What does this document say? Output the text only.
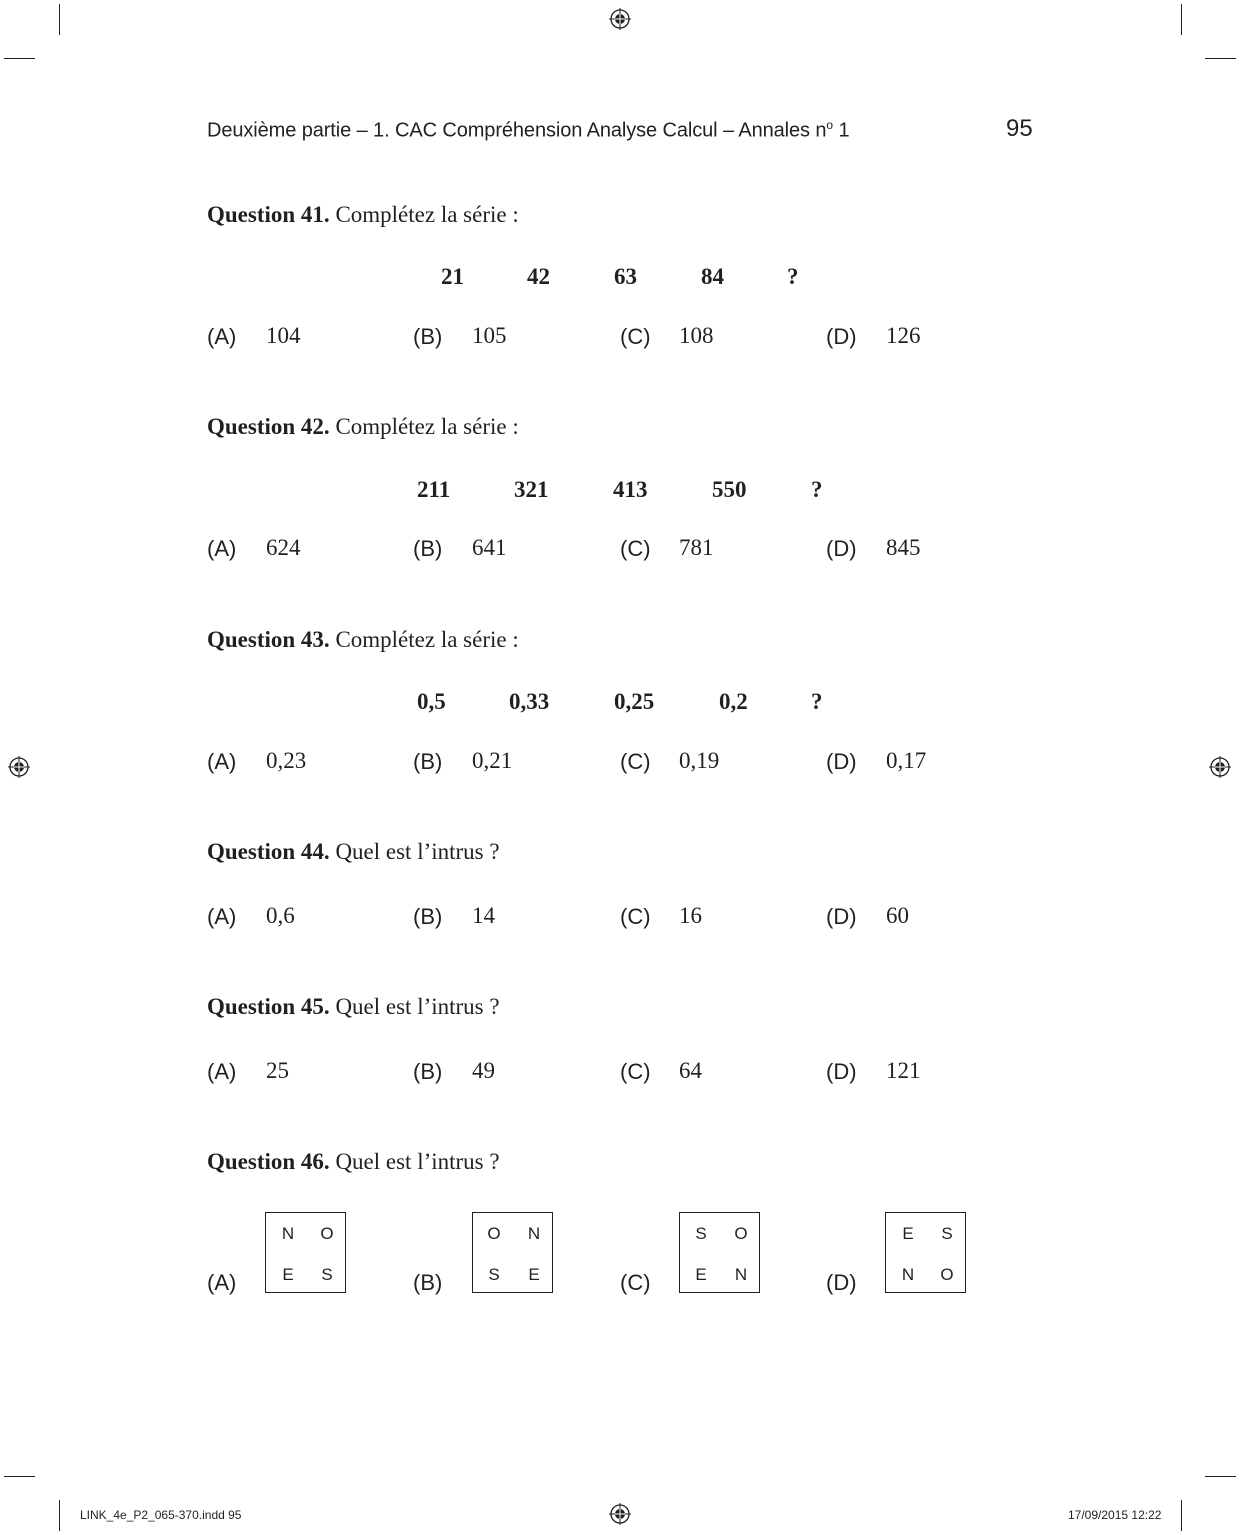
Deuxième partie – 1. CAC Compréhension Analyse Calcul – Annales $n^o$ 1	95
Question 41. Complétez la série :
21	42	63	84	?
(A) 104	(B) 105	(C) 108	(D) 126
Question 42. Complétez la série :
211	321	413	550	?
(A) 624	(B) 641	(C) 781	(D) 845
Question 43. Complétez la série :
0,5	0,33	0,25	0,2	?
(A) 0,23	(B) 0,21	(C) 0,19	(D) 0,17
Question 44. Quel est l’intrus ?
(A) 0,6	(B) 14	(C) 16	(D) 60
Question 45. Quel est l’intrus ?
(A) 25	(B) 49	(C) 64	(D) 121
Question 46. Quel est l’intrus ?
(A)
N O
E S	(B)
O N
S E	(C)
S O
E N	(D)
E S
N O
LINK_4e_P2_065-370.indd 95	17/09/2015 12:22
